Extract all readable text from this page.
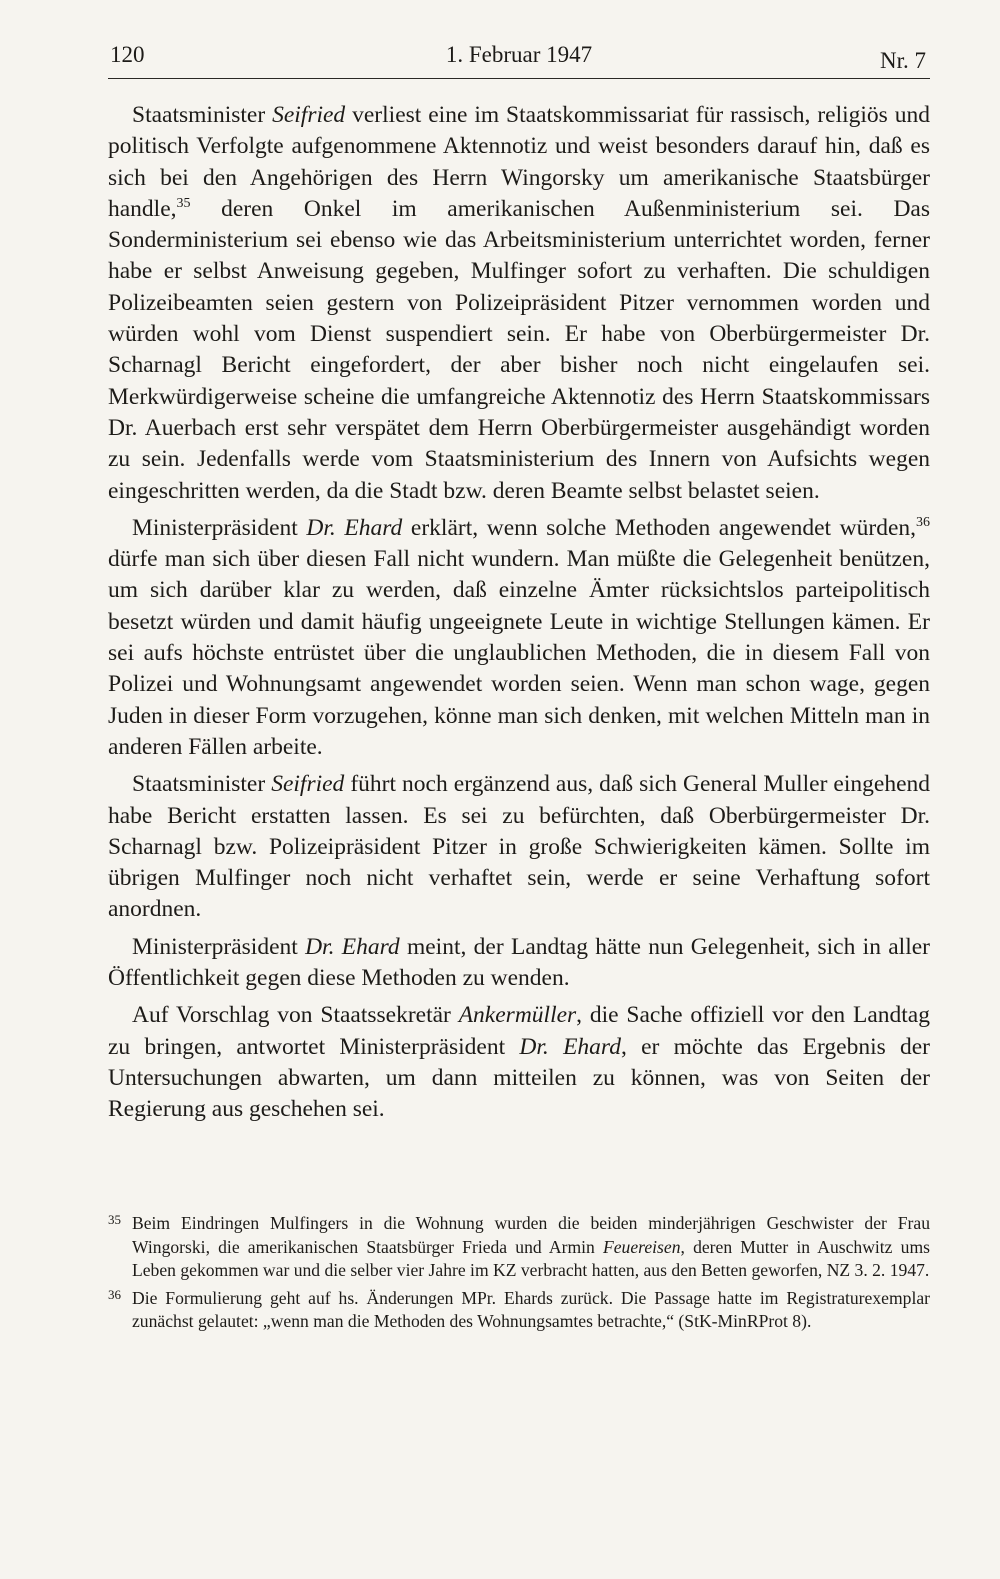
120	1. Februar 1947	Nr. 7

Staatsminister Seifried verliest eine im Staatskommissariat für rassisch, religiös und politisch Verfolgte aufgenommene Aktennotiz und weist besonders darauf hin, daß es sich bei den Angehörigen des Herrn Wingorsky um amerikanische Staatsbürger handle,$^{35}$ deren Onkel im amerikanischen Außenministerium sei. Das Sonderministerium sei ebenso wie das Arbeitsministerium unterrichtet worden, ferner habe er selbst Anweisung gegeben, Mulfinger sofort zu verhaften. Die schuldigen Polizeibeamten seien gestern von Polizeipräsident Pitzer vernommen worden und würden wohl vom Dienst suspendiert sein. Er habe von Oberbürgermeister Dr. Scharnagl Bericht eingefordert, der aber bisher noch nicht eingelaufen sei. Merkwürdigerweise scheine die umfangreiche Aktennotiz des Herrn Staatskommissars Dr. Auerbach erst sehr verspätet dem Herrn Oberbürgermeister ausgehändigt worden zu sein. Jedenfalls werde vom Staatsministerium des Innern von Aufsichts wegen eingeschritten werden, da die Stadt bzw. deren Beamte selbst belastet seien.

Ministerpräsident Dr. Ehard erklärt, wenn solche Methoden angewendet würden,$^{36}$ dürfe man sich über diesen Fall nicht wundern. Man müßte die Gelegenheit benützen, um sich darüber klar zu werden, daß einzelne Ämter rücksichtslos parteipolitisch besetzt würden und damit häufig ungeeignete Leute in wichtige Stellungen kämen. Er sei aufs höchste entrüstet über die unglaublichen Methoden, die in diesem Fall von Polizei und Wohnungsamt angewendet worden seien. Wenn man schon wage, gegen Juden in dieser Form vorzugehen, könne man sich denken, mit welchen Mitteln man in anderen Fällen arbeite.

Staatsminister Seifried führt noch ergänzend aus, daß sich General Muller eingehend habe Bericht erstatten lassen. Es sei zu befürchten, daß Oberbürgermeister Dr. Scharnagl bzw. Polizeipräsident Pitzer in große Schwierigkeiten kämen. Sollte im übrigen Mulfinger noch nicht verhaftet sein, werde er seine Verhaftung sofort anordnen.

Ministerpräsident Dr. Ehard meint, der Landtag hätte nun Gelegenheit, sich in aller Öffentlichkeit gegen diese Methoden zu wenden.

Auf Vorschlag von Staatssekretär Ankermüller, die Sache offiziell vor den Landtag zu bringen, antwortet Ministerpräsident Dr. Ehard, er möchte das Ergebnis der Untersuchungen abwarten, um dann mitteilen zu können, was von Seiten der Regierung aus geschehen sei.

35 Beim Eindringen Mulfingers in die Wohnung wurden die beiden minderjährigen Geschwister der Frau Wingorski, die amerikanischen Staatsbürger Frieda und Armin Feuereisen, deren Mutter in Auschwitz ums Leben gekommen war und die selber vier Jahre im KZ verbracht hatten, aus den Betten geworfen, NZ 3. 2. 1947.
36 Die Formulierung geht auf hs. Änderungen MPr. Ehards zurück. Die Passage hatte im Registraturexemplar zunächst gelautet: „wenn man die Methoden des Wohnungsamtes betrachte,“ (StK-MinRProt 8).
